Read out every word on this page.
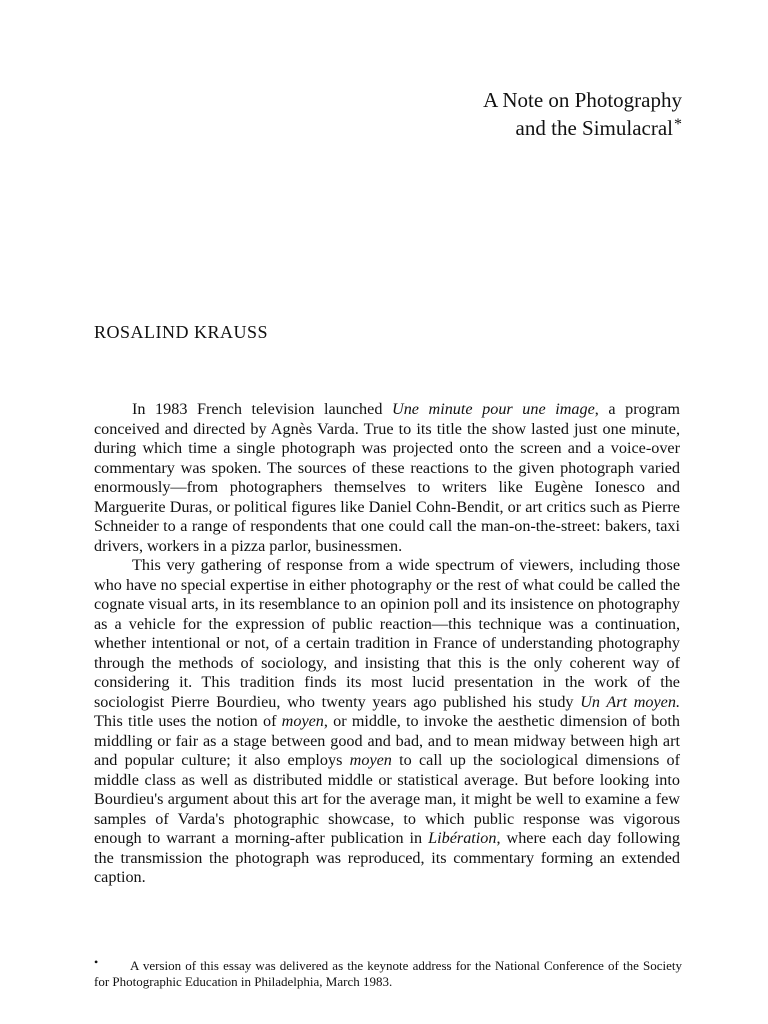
A Note on Photography
and the Simulacral*
ROSALIND KRAUSS

In 1983 French television launched Une minute pour une image, a program conceived and directed by Agnès Varda. True to its title the show lasted just one minute, during which time a single photograph was projected onto the screen and a voice-over commentary was spoken. The sources of these reactions to the given photograph varied enormously—from photographers themselves to writers like Eugène Ionesco and Marguerite Duras, or political figures like Daniel Cohn-Bendit, or art critics such as Pierre Schneider to a range of respondents that one could call the man-on-the-street: bakers, taxi drivers, workers in a pizza parlor, businessmen.

This very gathering of response from a wide spectrum of viewers, including those who have no special expertise in either photography or the rest of what could be called the cognate visual arts, in its resemblance to an opinion poll and its insistence on photography as a vehicle for the expression of public reaction—this technique was a continuation, whether intentional or not, of a certain tradition in France of understanding photography through the methods of sociology, and insisting that this is the only coherent way of considering it. This tradition finds its most lucid presentation in the work of the sociologist Pierre Bourdieu, who twenty years ago published his study Un Art moyen. This title uses the notion of moyen, or middle, to invoke the aesthetic dimension of both middling or fair as a stage between good and bad, and to mean midway between high art and popular culture; it also employs moyen to call up the sociological dimensions of middle class as well as distributed middle or statistical average. But before looking into Bourdieu's argument about this art for the average man, it might be well to examine a few samples of Varda's photographic showcase, to which public response was vigorous enough to warrant a morning-after publication in Libération, where each day following the transmission the photograph was reproduced, its commentary forming an extended caption.

•	A version of this essay was delivered as the keynote address for the National Conference of the Society for Photographic Education in Philadelphia, March 1983.
